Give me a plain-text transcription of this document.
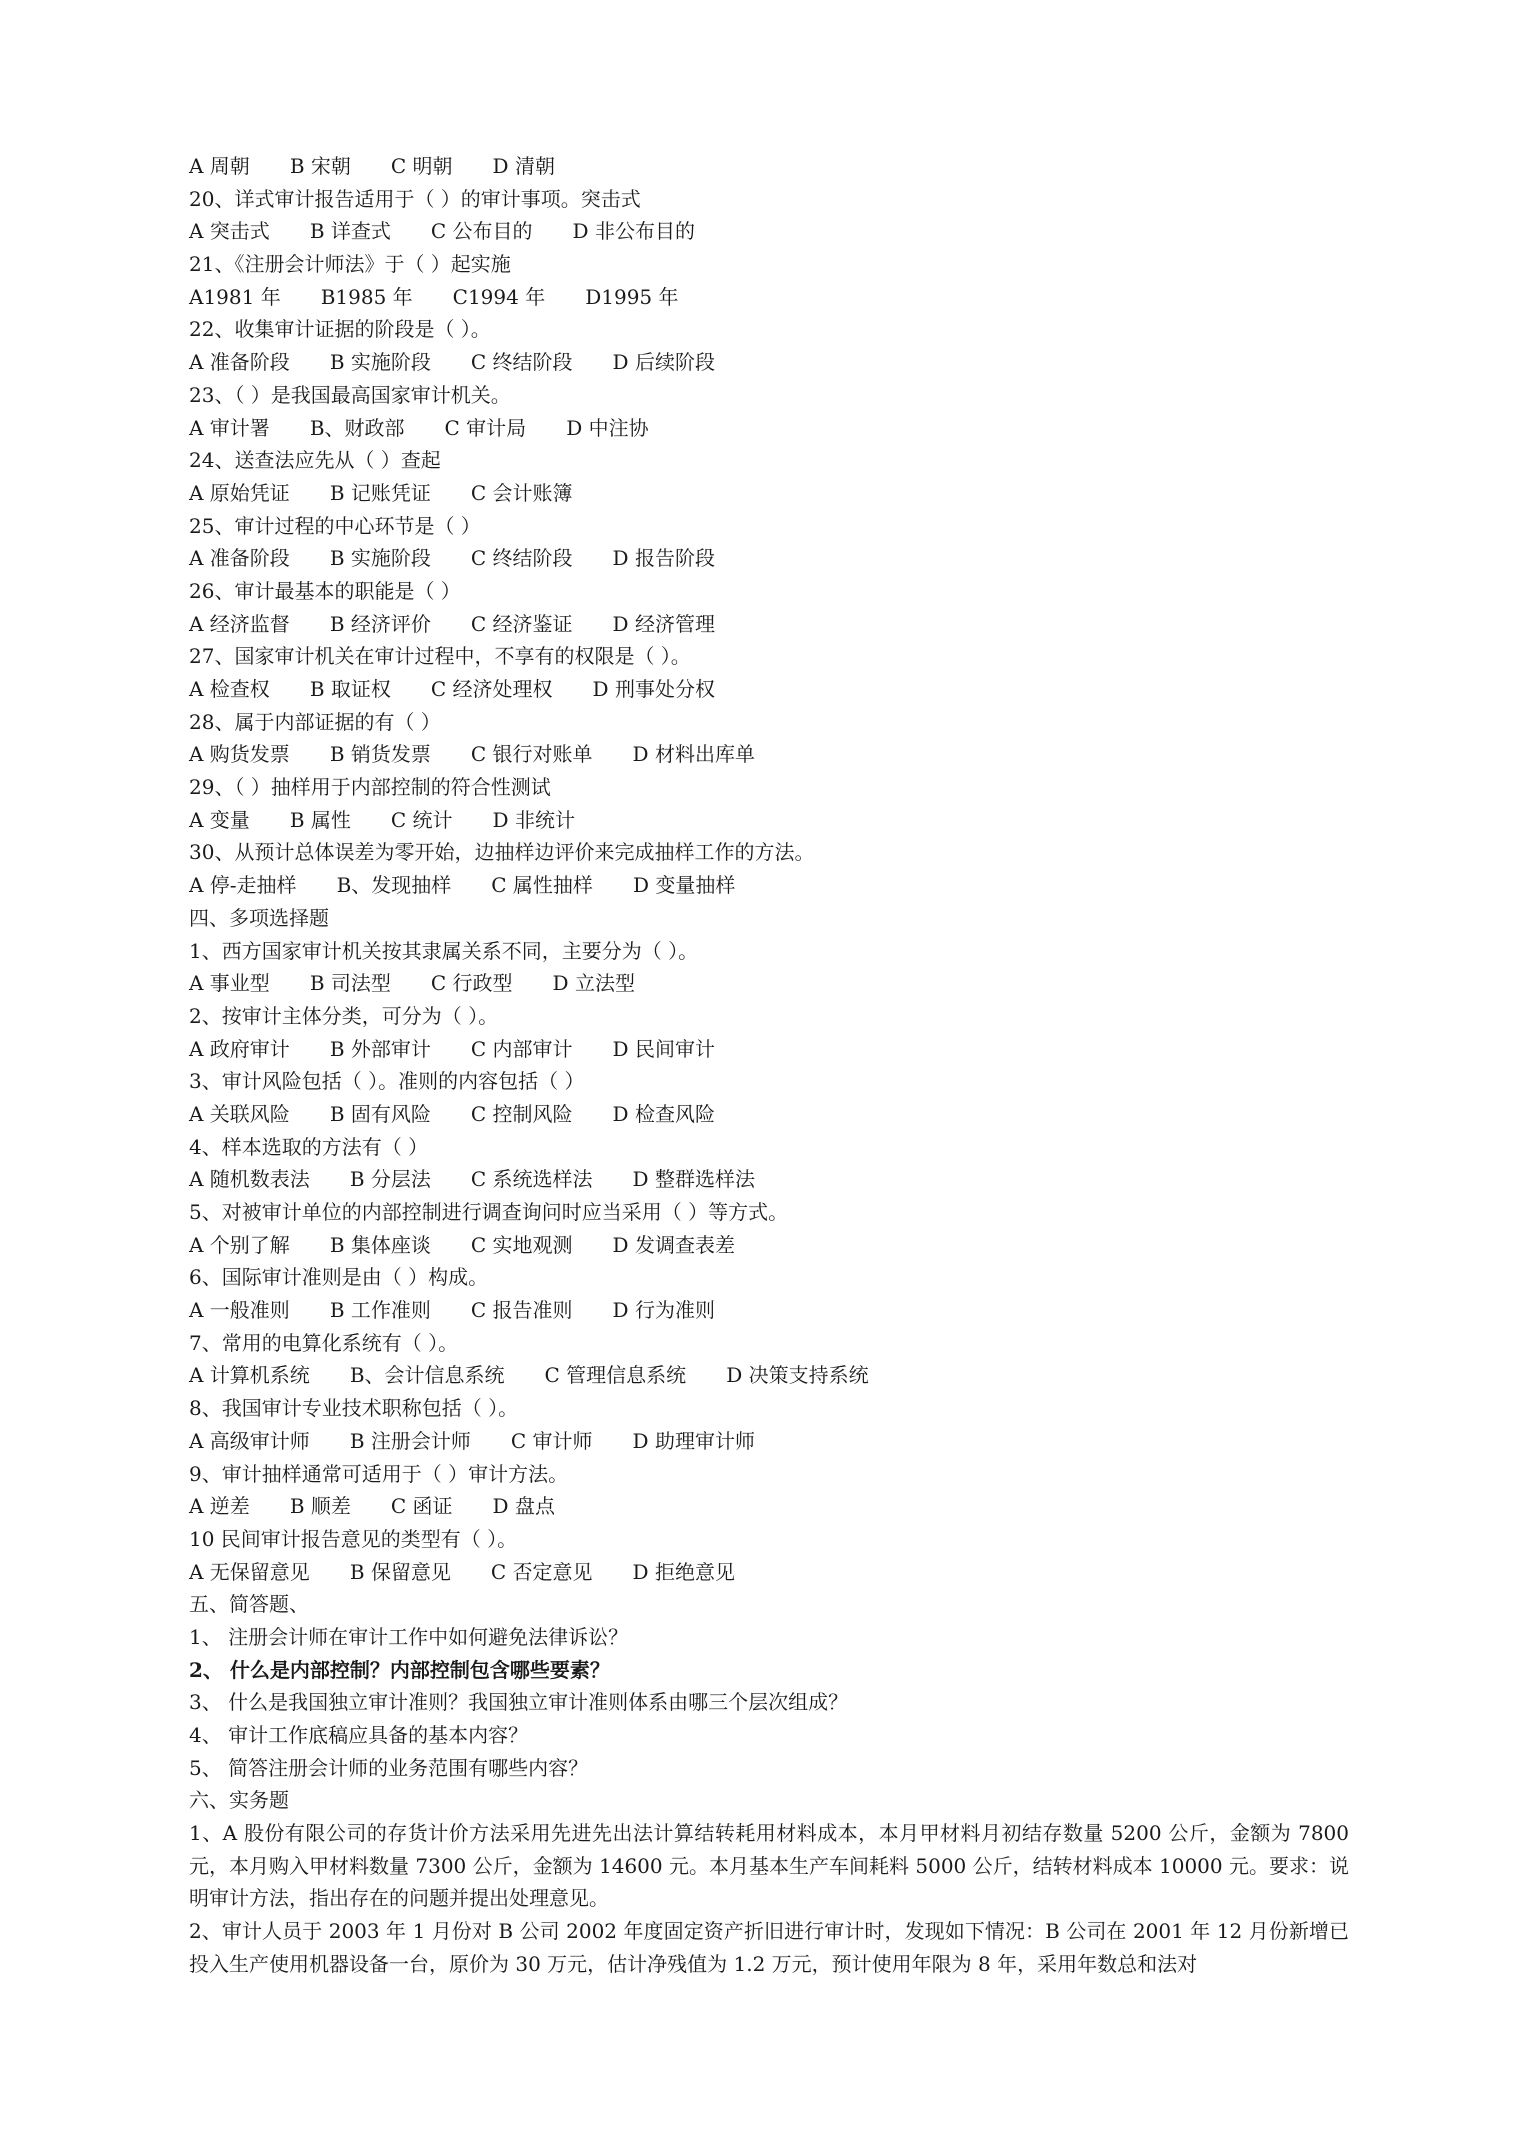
A 周朝 B 宋朝 C 明朝 D 清朝
20、详式审计报告适用于（ ）的审计事项。突击式
A 突击式 B 详查式 C 公布目的 D 非公布目的
21、《注册会计师法》于（ ）起实施
A1981 年 B1985 年 C1994 年 D1995 年
22、收集审计证据的阶段是（ ）。
A 准备阶段 B 实施阶段 C 终结阶段 D 后续阶段
23、（ ）是我国最高国家审计机关。
A 审计署 B、财政部 C 审计局 D 中注协
24、送查法应先从（ ）查起
A 原始凭证 B 记账凭证 C 会计账簿
25、审计过程的中心环节是（ ）
A 准备阶段 B 实施阶段 C 终结阶段 D 报告阶段
26、审计最基本的职能是（ ）
A 经济监督 B 经济评价 C 经济鉴证 D 经济管理
27、国家审计机关在审计过程中，不享有的权限是（ ）。
A 检查权 B 取证权 C 经济处理权 D 刑事处分权
28、属于内部证据的有（ ）
A 购货发票 B 销货发票 C 银行对账单 D 材料出库单
29、（ ）抽样用于内部控制的符合性测试
A 变量 B 属性 C 统计 D 非统计
30、从预计总体误差为零开始，边抽样边评价来完成抽样工作的方法。
A 停-走抽样 B、发现抽样 C 属性抽样 D 变量抽样
四、多项选择题
1、西方国家审计机关按其隶属关系不同，主要分为（ ）。
A 事业型 B 司法型 C 行政型 D 立法型
2、按审计主体分类，可分为（ ）。
A 政府审计 B 外部审计 C 内部审计 D 民间审计
3、审计风险包括（ ）。准则的内容包括（ ）
A 关联风险 B 固有风险 C 控制风险 D 检查风险
4、样本选取的方法有（ ）
A 随机数表法 B 分层法 C 系统选样法 D 整群选样法
5、对被审计单位的内部控制进行调查询问时应当采用（ ）等方式。
A 个别了解 B 集体座谈 C 实地观测 D 发调查表差
6、国际审计准则是由（ ）构成。
A 一般准则 B 工作准则 C 报告准则 D 行为准则
7、常用的电算化系统有（ ）。
A 计算机系统 B、会计信息系统 C 管理信息系统 D 决策支持系统
8、我国审计专业技术职称包括（ ）。
A 高级审计师 B 注册会计师 C 审计师 D 助理审计师
9、审计抽样通常可适用于（ ）审计方法。
A 逆差 B 顺差 C 函证 D 盘点
10 民间审计报告意见的类型有（ ）。
A 无保留意见 B 保留意见 C 否定意见 D 拒绝意见
五、简答题、
1、 注册会计师在审计工作中如何避免法律诉讼？
2、 什么是内部控制？内部控制包含哪些要素？
3、 什么是我国独立审计准则？我国独立审计准则体系由哪三个层次组成？
4、 审计工作底稿应具备的基本内容？
5、 简答注册会计师的业务范围有哪些内容？
六、实务题
1、A 股份有限公司的存货计价方法采用先进先出法计算结转耗用材料成本，本月甲材料月初结存数量 5200 公斤，金额为 7800 元，本月购入甲材料数量 7300 公斤，金额为 14600 元。本月基本生产车间耗料 5000 公斤，结转材料成本 10000 元。要求：说明审计方法，指出存在的问题并提出处理意见。
2、审计人员于 2003 年 1 月份对 B 公司 2002 年度固定资产折旧进行审计时，发现如下情况：B 公司在 2001 年 12 月份新增已投入生产使用机器设备一台，原价为 30 万元，估计净残值为 1.2 万元，预计使用年限为 8 年，采用年数总和法对
